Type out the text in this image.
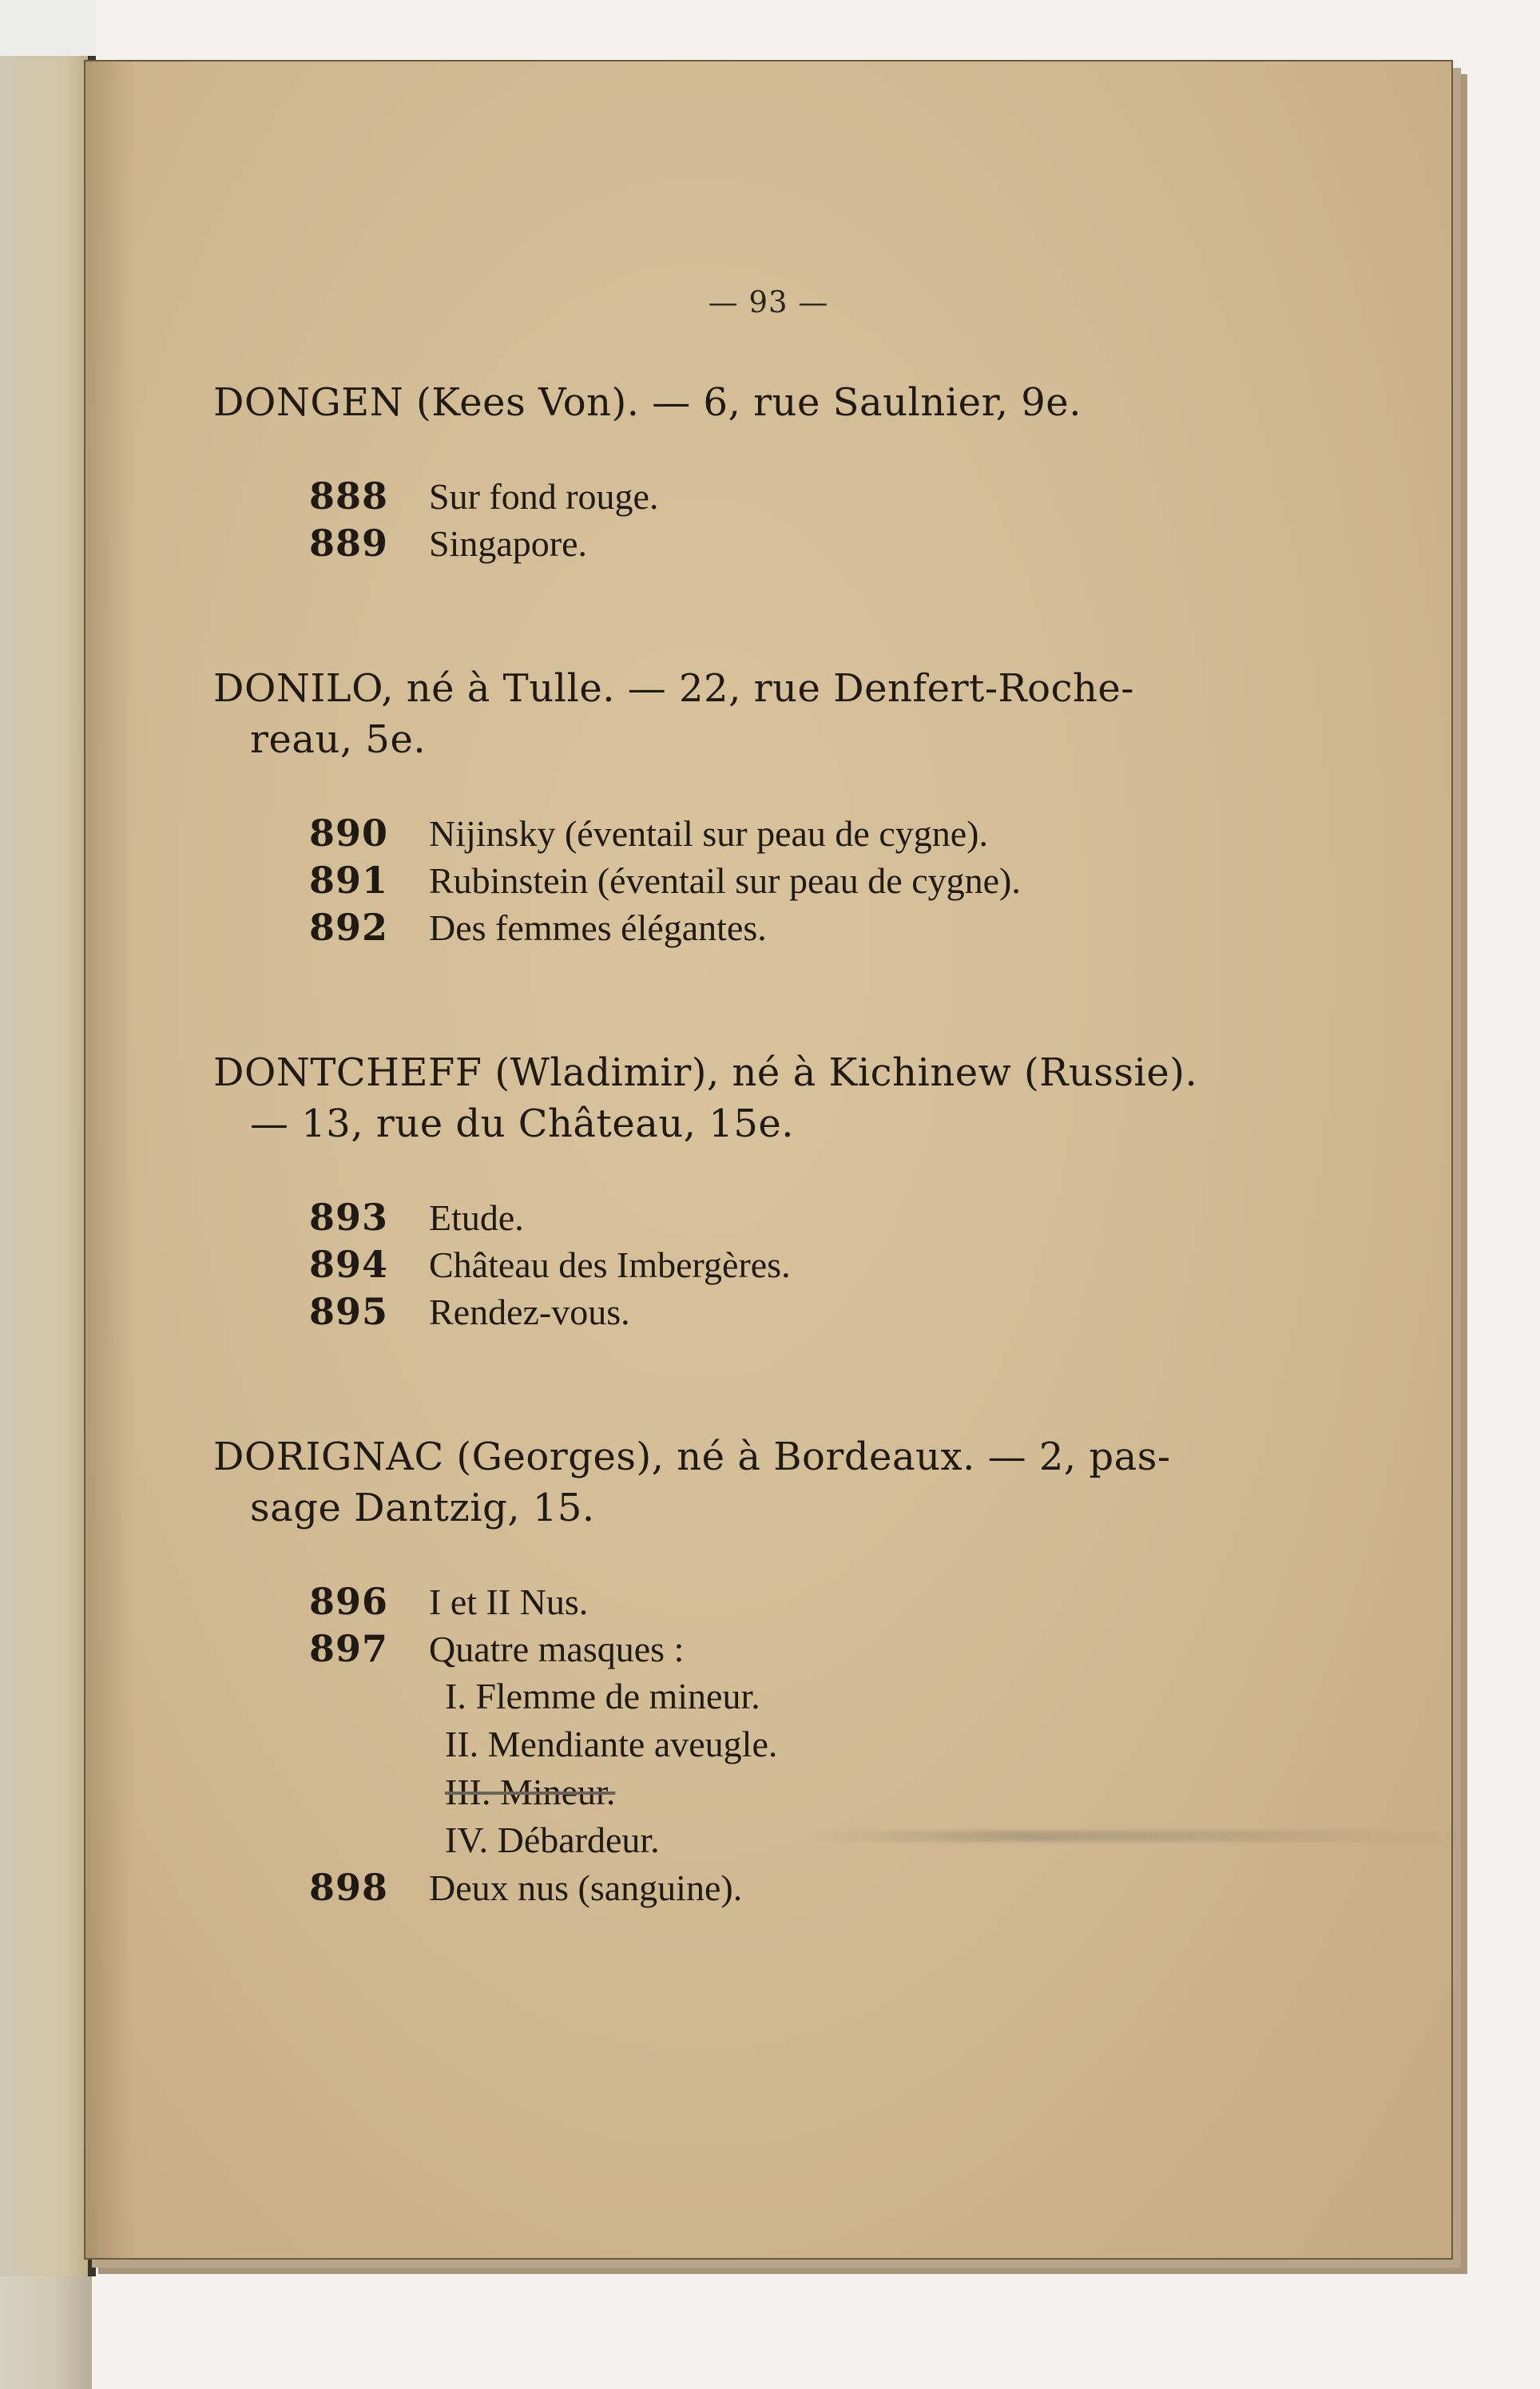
— 93 —
DONGEN (Kees Von). — 6, rue Saulnier, 9e.
888	Sur fond rouge.
889	Singapore.
DONILO, né à Tulle. — 22, rue Denfert-Roche-
reau, 5e.
890	Nijinsky (éventail sur peau de cygne).
891	Rubinstein (éventail sur peau de cygne).
892	Des femmes élégantes.
DONTCHEFF (Wladimir), né à Kichinew (Russie).
— 13, rue du Château, 15e.
893	Etude.
894	Château des Imbergères.
895	Rendez-vous.
DORIGNAC (Georges), né à Bordeaux. — 2, pas-
sage Dantzig, 15.
896	I et II Nus.
897	Quatre masques :
I. Flemme de mineur.
II. Mendiante aveugle.
III. Mineur.
IV. Débardeur.
898	Deux nus (sanguine).
